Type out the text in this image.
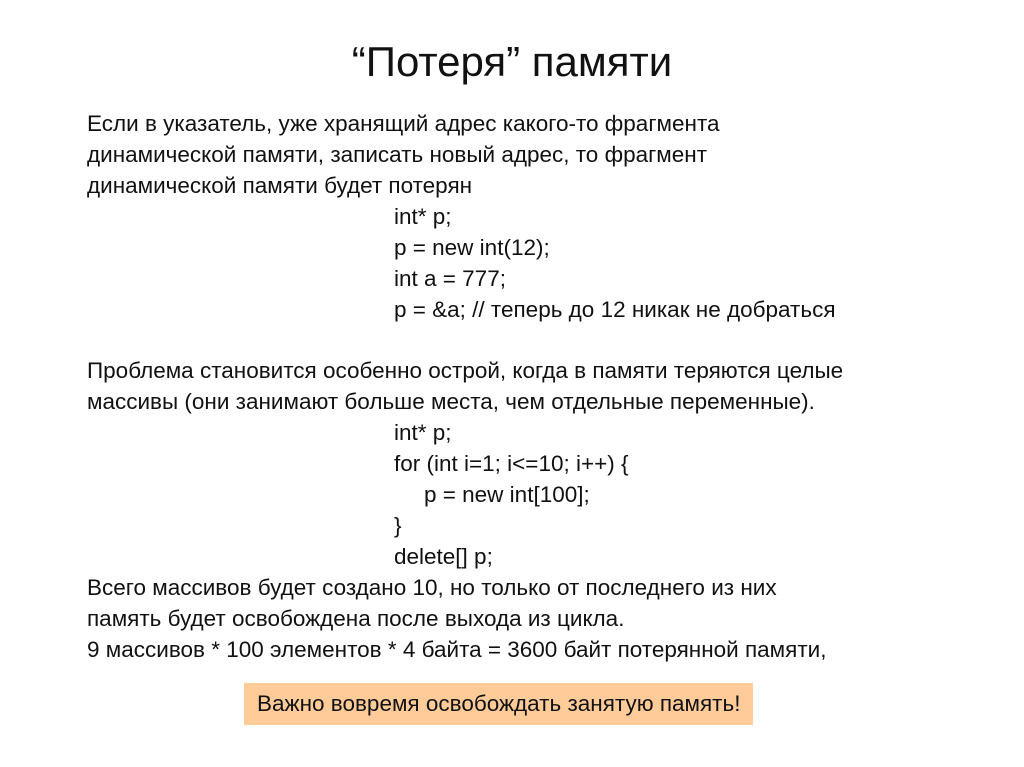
“Потеря” памяти
Если в указатель, уже хранящий адрес какого-то фрагмента
динамической памяти, записать новый адрес, то фрагмент
динамической памяти будет потерян
int* p;
p = new int(12);
int a = 777;
p = &a; // теперь до 12 никак не добраться
Проблема становится особенно острой, когда в памяти теряются целые
массивы (они занимают больше места, чем отдельные переменные).
int* p;
for (int i=1; i<=10; i++) {
p = new int[100];
}
delete[] p;
Всего массивов будет создано 10, но только от последнего из них
память будет освобождена после выхода из цикла.
9 массивов * 100 элементов * 4 байта = 3600 байт потерянной памяти,
Важно вовремя освобождать занятую память!
